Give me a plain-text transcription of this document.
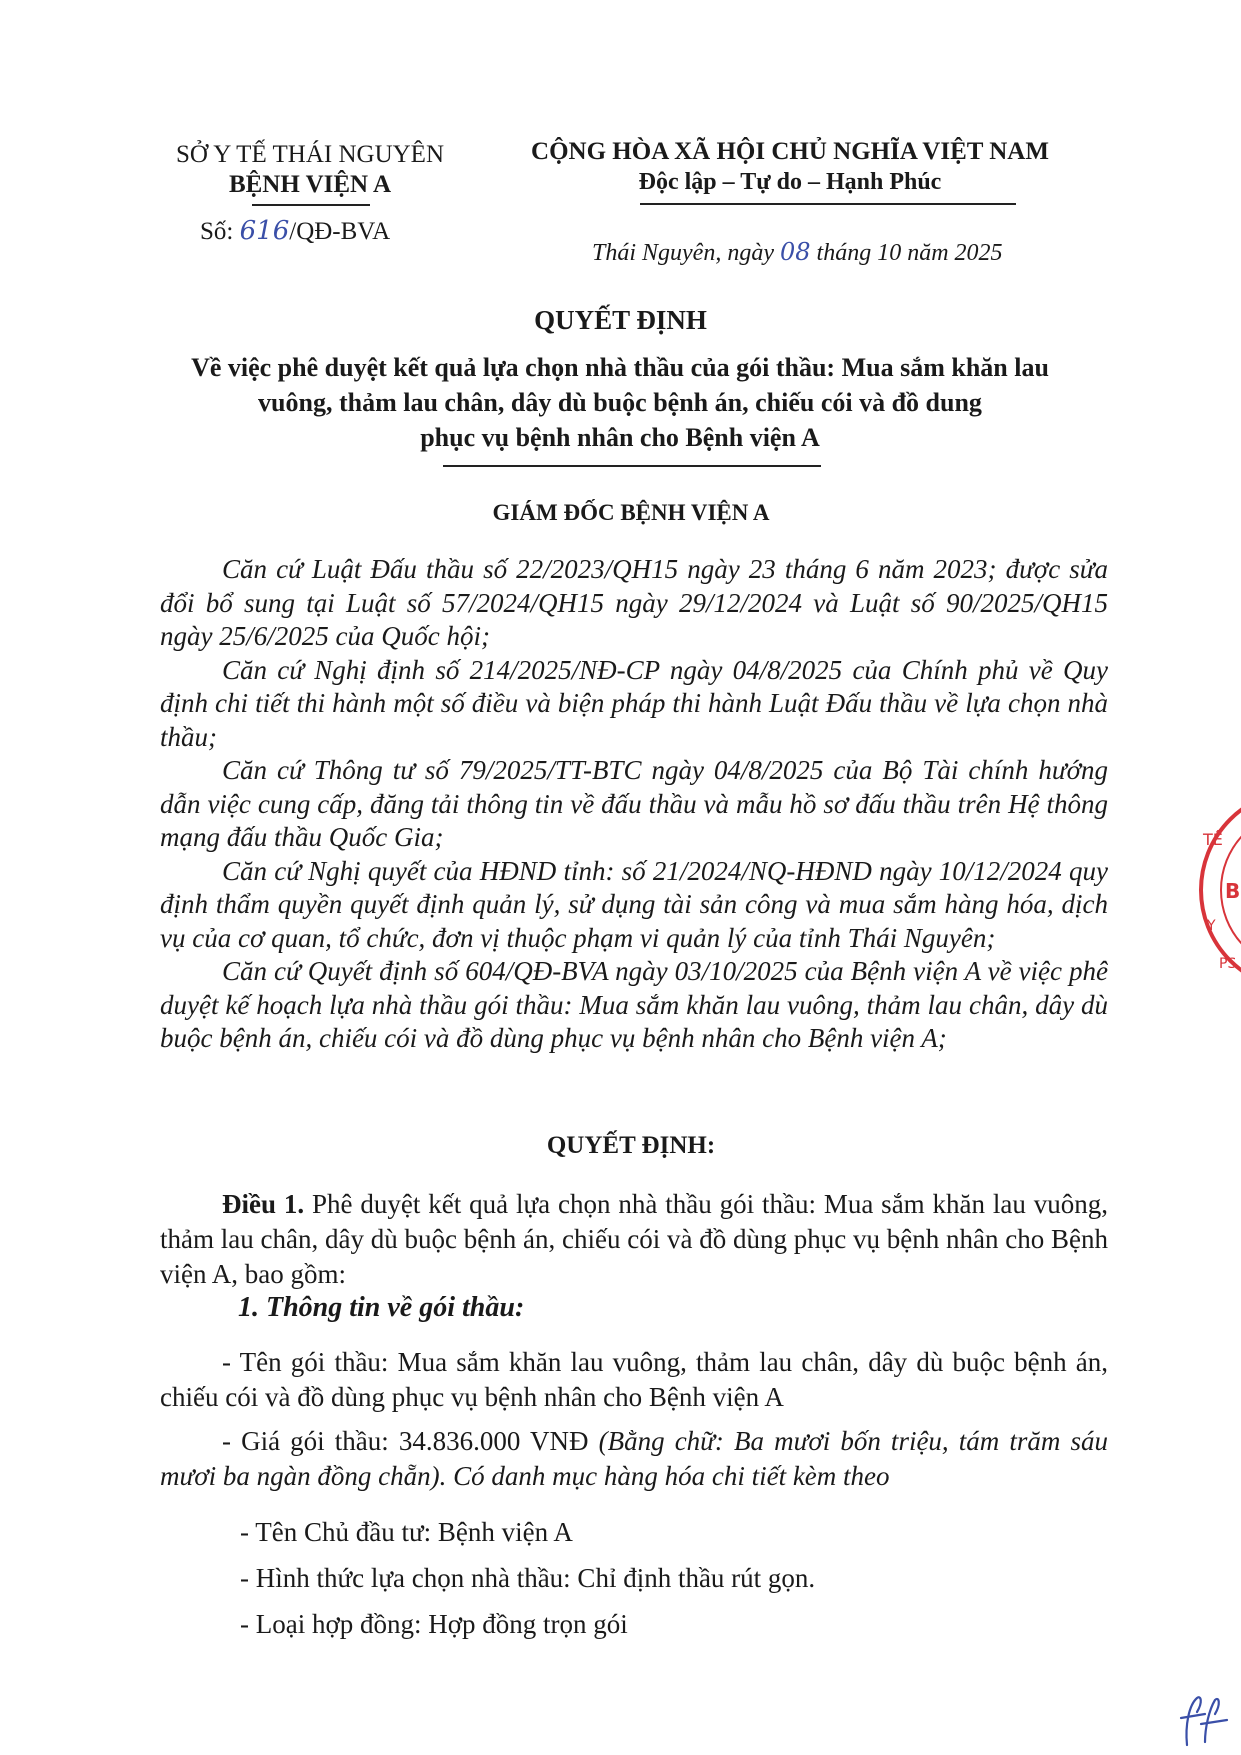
SỞ Y TẾ THÁI NGUYÊN
BỆNH VIỆN A
Số: 616/QĐ-BVA
CỘNG HÒA XÃ HỘI CHỦ NGHĨA VIỆT NAM
Độc lập – Tự do – Hạnh Phúc
Thái Nguyên, ngày 08 tháng 10 năm 2025
QUYẾT ĐỊNH
Về việc phê duyệt kết quả lựa chọn nhà thầu của gói thầu: Mua sắm khăn lau
vuông, thảm lau chân, dây dù buộc bệnh án, chiếu cói và đồ dung
phục vụ bệnh nhân cho Bệnh viện A
GIÁM ĐỐC BỆNH VIỆN A
Căn cứ Luật Đấu thầu số 22/2023/QH15 ngày 23 tháng 6 năm 2023; được sửa đổi bổ sung tại Luật số 57/2024/QH15 ngày 29/12/2024 và Luật số 90/2025/QH15 ngày 25/6/2025 của Quốc hội;
Căn cứ Nghị định số 214/2025/NĐ-CP ngày 04/8/2025 của Chính phủ về Quy định chi tiết thi hành một số điều và biện pháp thi hành Luật Đấu thầu về lựa chọn nhà thầu;
Căn cứ Thông tư số 79/2025/TT-BTC ngày 04/8/2025 của Bộ Tài chính hướng dẫn việc cung cấp, đăng tải thông tin về đấu thầu và mẫu hồ sơ đấu thầu trên Hệ thông mạng đấu thầu Quốc Gia;
Căn cứ Nghị quyết của HĐND tỉnh: số 21/2024/NQ-HĐND ngày 10/12/2024 quy định thẩm quyền quyết định quản lý, sử dụng tài sản công và mua sắm hàng hóa, dịch vụ của cơ quan, tổ chức, đơn vị thuộc phạm vi quản lý của tỉnh Thái Nguyên;
Căn cứ Quyết định số 604/QĐ-BVA ngày 03/10/2025 của Bệnh viện A về việc phê duyệt kế hoạch lựa nhà thầu gói thầu: Mua sắm khăn lau vuông, thảm lau chân, dây dù buộc bệnh án, chiếu cói và đồ dùng phục vụ bệnh nhân cho Bệnh viện A;
QUYẾT ĐỊNH:
Điều 1. Phê duyệt kết quả lựa chọn nhà thầu gói thầu: Mua sắm khăn lau vuông, thảm lau chân, dây dù buộc bệnh án, chiếu cói và đồ dùng phục vụ bệnh nhân cho Bệnh viện A, bao gồm:
1. Thông tin về gói thầu:
- Tên gói thầu: Mua sắm khăn lau vuông, thảm lau chân, dây dù buộc bệnh án, chiếu cói và đồ dùng phục vụ bệnh nhân cho Bệnh viện A
- Giá gói thầu: 34.836.000 VNĐ (Bằng chữ: Ba mươi bốn triệu, tám trăm sáu mươi ba ngàn đồng chẵn). Có danh mục hàng hóa chi tiết kèm theo
- Tên Chủ đầu tư: Bệnh viện A
- Hình thức lựa chọn nhà thầu: Chỉ định thầu rút gọn.
- Loại hợp đồng: Hợp đồng trọn gói
TẾ
B
Y
PS
